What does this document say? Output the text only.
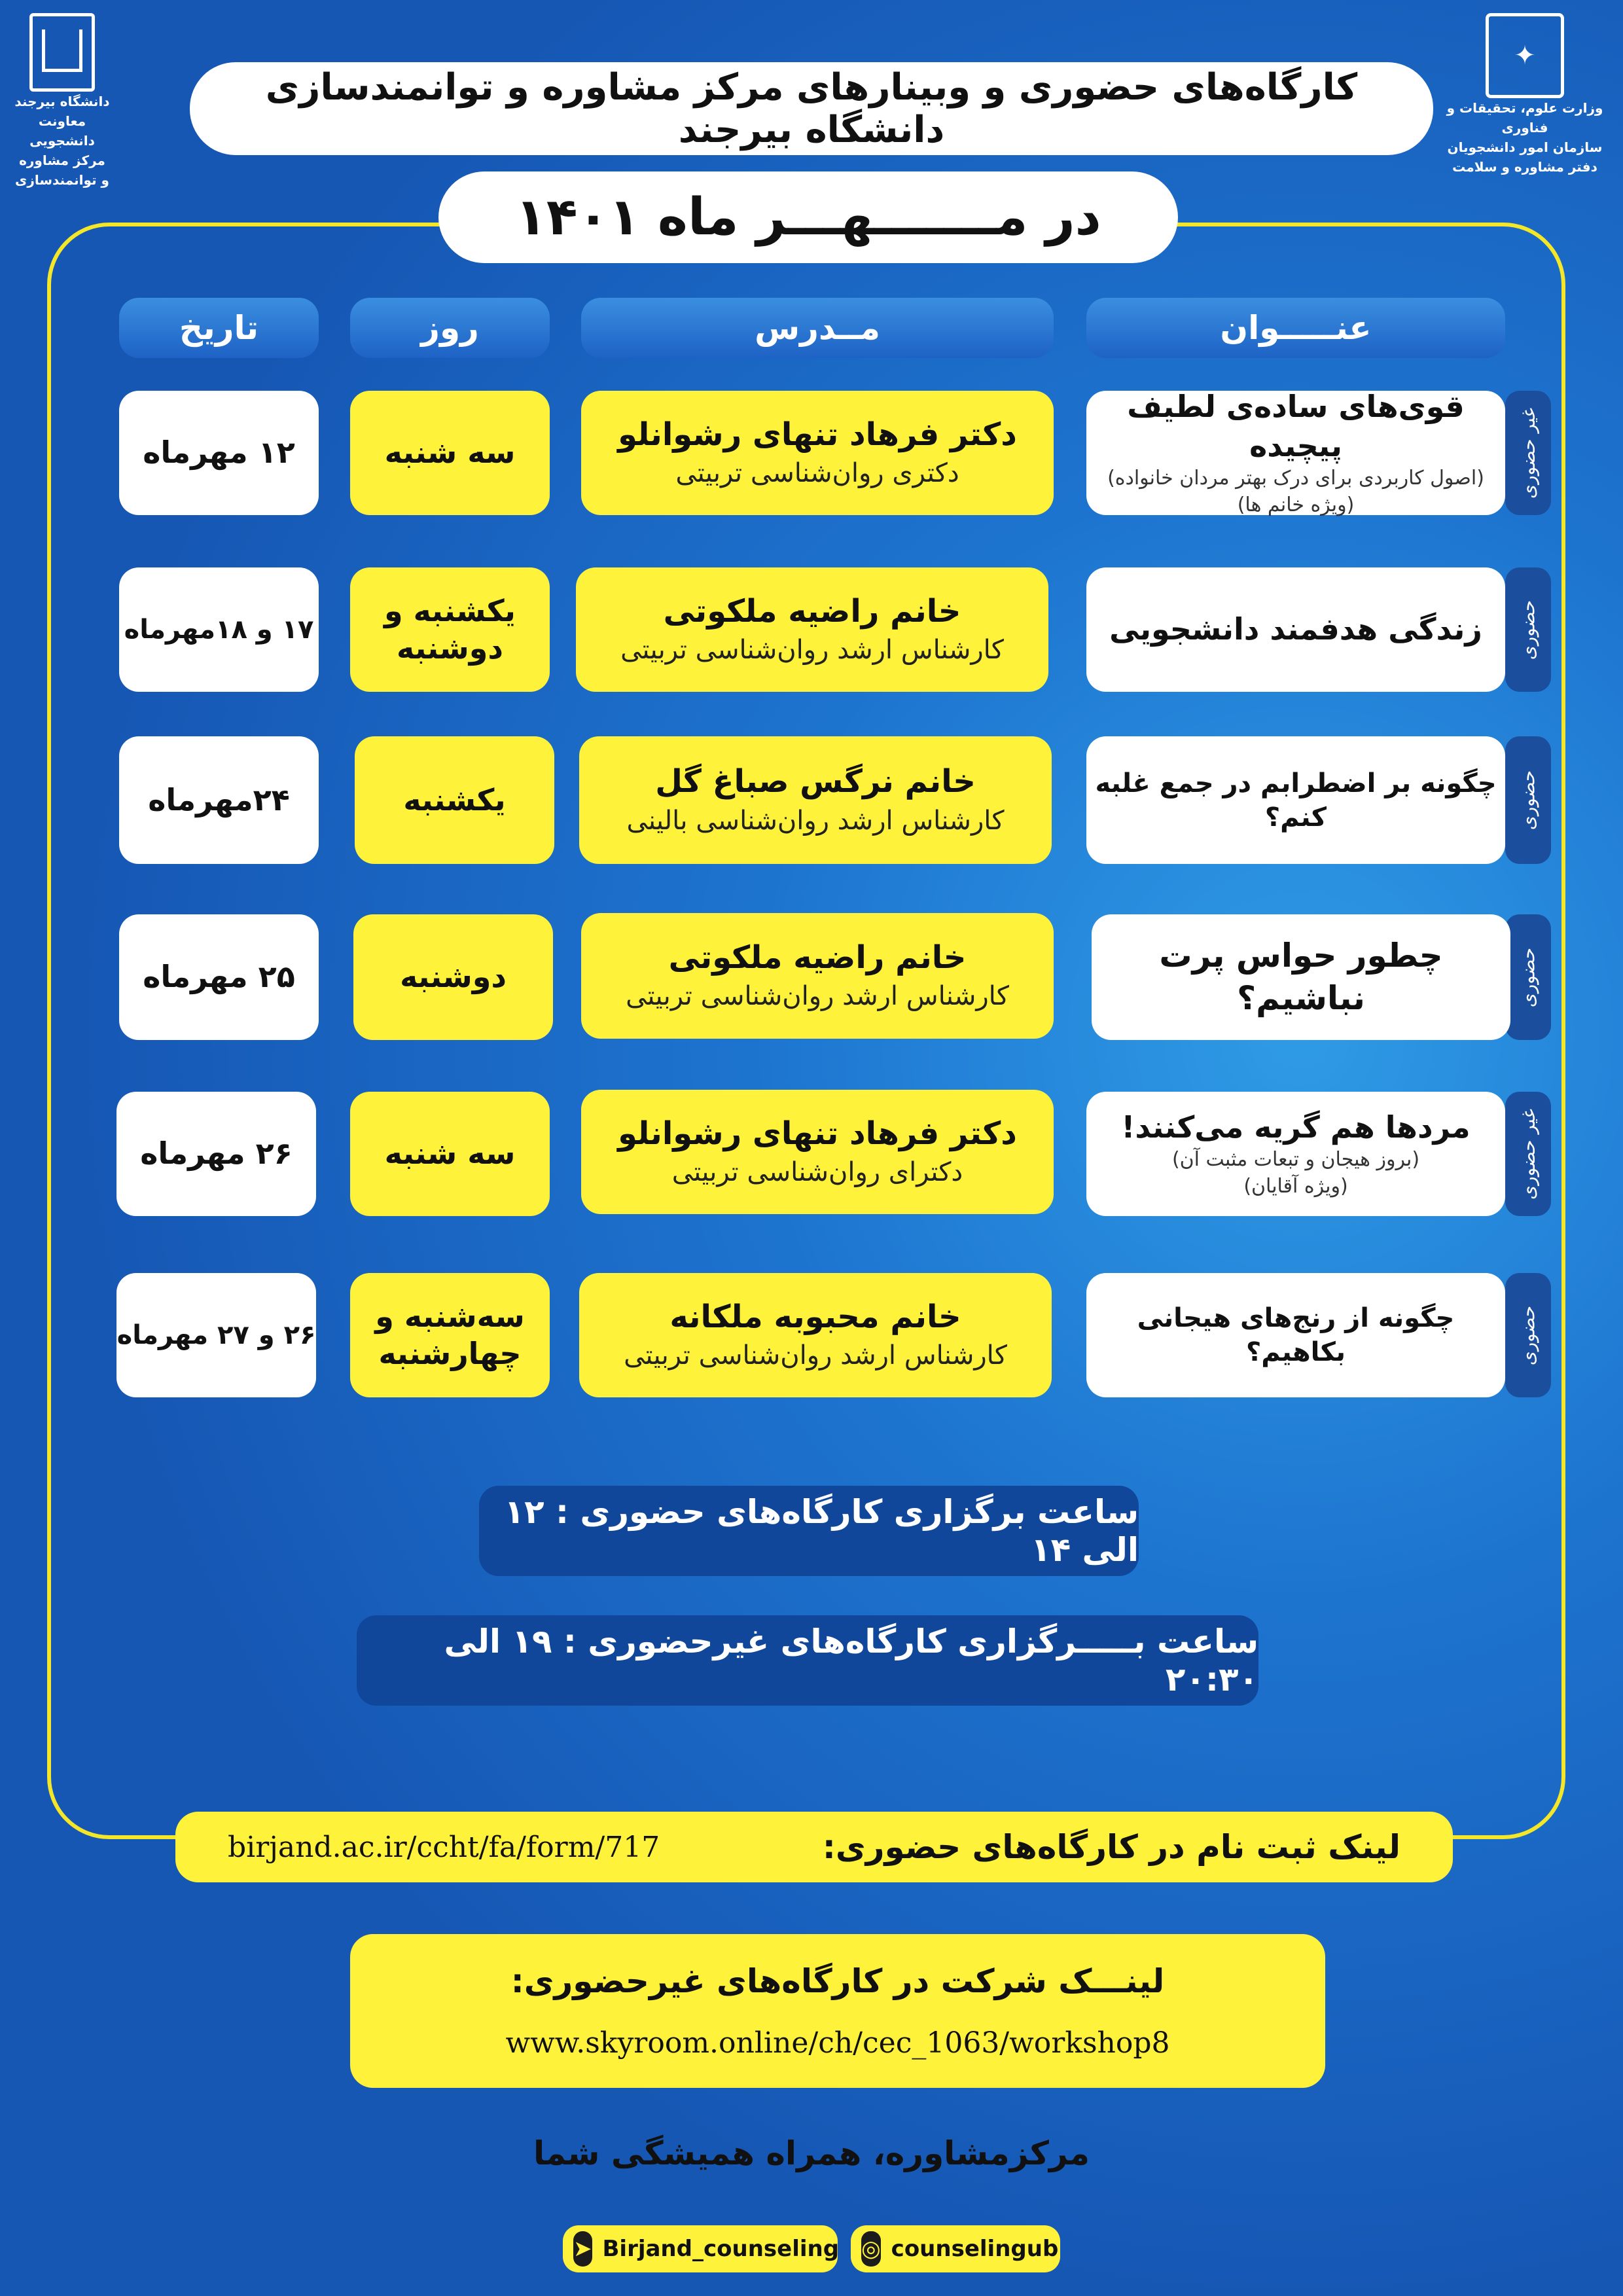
دانشگاه بیرجند
معاونت دانشجویی
مرکز مشاوره و توانمندسازی
✦
وزارت علوم، تحقیقات و فناوری
سازمان امور دانشجویان
دفتر مشاوره و سلامت
کارگاه‌های حضوری و وبینارهای مرکز مشاوره و توانمندسازی دانشگاه بیرجند
در مـــــــهـــر ماه ۱۴۰۱
عنـــــوان
مــدرس
روز
تاریخ
غیر حضوری
قوی‌های ساده‌ی لطیف پیچیده
(اصول کاربردی برای درک بهتر مردان خانواده)
(ویژه خانم ها)
دکتر فرهاد تنهای رشوانلو
دکتری روان‌شناسی تربیتی
سه شنبه
۱۲ مهرماه
حضوری
زندگی هدفمند دانشجویی
خانم راضیه ملکوتی
کارشناس ارشد روان‌شناسی تربیتی
یکشنبه و دوشنبه
۱۷ و ۱۸مهرماه
حضوری
چگونه بر اضطرابم در جمع غلبه کنم؟
خانم نرگس صباغ گل
کارشناس ارشد روان‌شناسی بالینی
یکشنبه
۲۴مهرماه
حضوری
چطور حواس پرت نباشیم؟
خانم راضیه ملکوتی
کارشناس ارشد روان‌شناسی تربیتی
دوشنبه
۲۵ مهرماه
غیر حضوری
مردها هم گریه می‌کنند!
(بروز هیجان و تبعات مثبت آن)
(ویژه آقایان)
دکتر فرهاد تنهای رشوانلو
دکترای روان‌شناسی تربیتی
سه شنبه
۲۶ مهرماه
حضوری
چگونه از رنج‌های هیجانی بکاهیم؟
خانم محبوبه ملکانه
کارشناس ارشد روان‌شناسی تربیتی
سه‌شنبه و چهارشنبه
۲۶ و ۲۷ مهرماه
ساعت برگزاری کارگاه‌های حضوری : ۱۲ الی ۱۴
ساعت بـــــرگزاری کارگاه‌های غیرحضوری : ۱۹ الی ۲۰:۳۰
لینک ثبت نام در کارگاه‌های حضوری:
birjand.ac.ir/ccht/fa/form/717
لینـــک شرکت در کارگاه‌های غیرحضوری:
www.skyroom.online/ch/cec_1063/workshop8
مرکزمشاوره، همراه همیشگی شما
➤ Birjand_counseling ◎ counselingub
